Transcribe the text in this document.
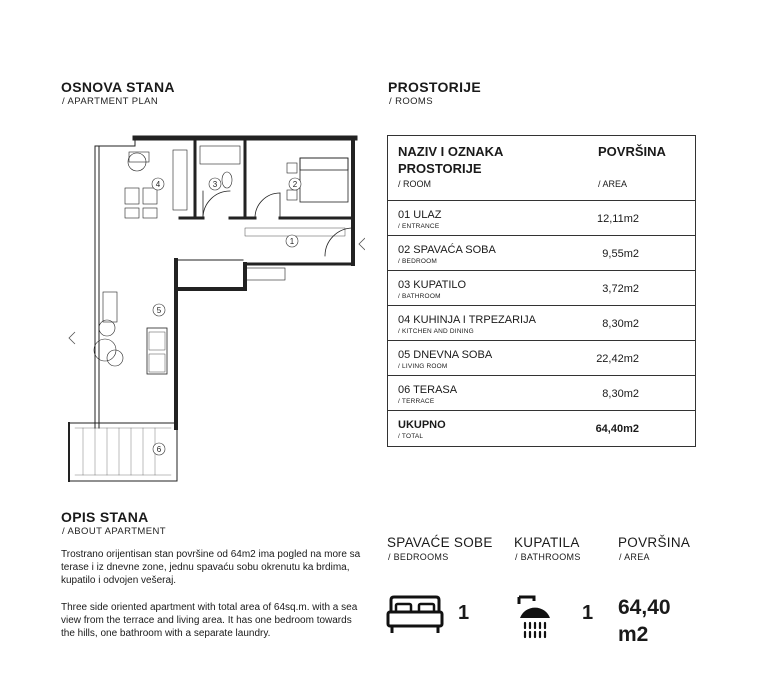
OSNOVA STANA
/ APARTMENT PLAN
1
2
3
4
5
6
PROSTORIJE
/ ROOMS
NAZIV I OZNAKA PROSTORIJE
POVRŠINA
/ ROOM	/ AREA
01 ULAZ
/ ENTRANCE
12,11m2
02 SPAVAĆA SOBA
/ BEDROOM
9,55m2
03 KUPATILO
/ BATHROOM
3,72m2
04 KUHINJA I TRPEZARIJA
/ KITCHEN AND DINING
8,30m2
05 DNEVNA SOBA
/ LIVING ROOM
22,42m2
06 TERASA
/ TERRACE
8,30m2
UKUPNO
/ TOTAL
64,40m2
OPIS STANA
/ ABOUT APARTMENT
Trostrano orijentisan stan površine od 64m2 ima pogled na more sa terase i iz dnevne zone, jednu spavaću sobu okrenutu ka brdima, kupatilo i odvojen vešeraj.
Three side oriented apartment with total area of 64sq.m. with a sea view from the terrace and living area. It has one bedroom towards the hills, one bathroom with a separate laundry.
SPAVAĆE SOBE
/ BEDROOMS
KUPATILA
/ BATHROOMS
POVRŠINA
/ AREA
1	1 64,40
m2
